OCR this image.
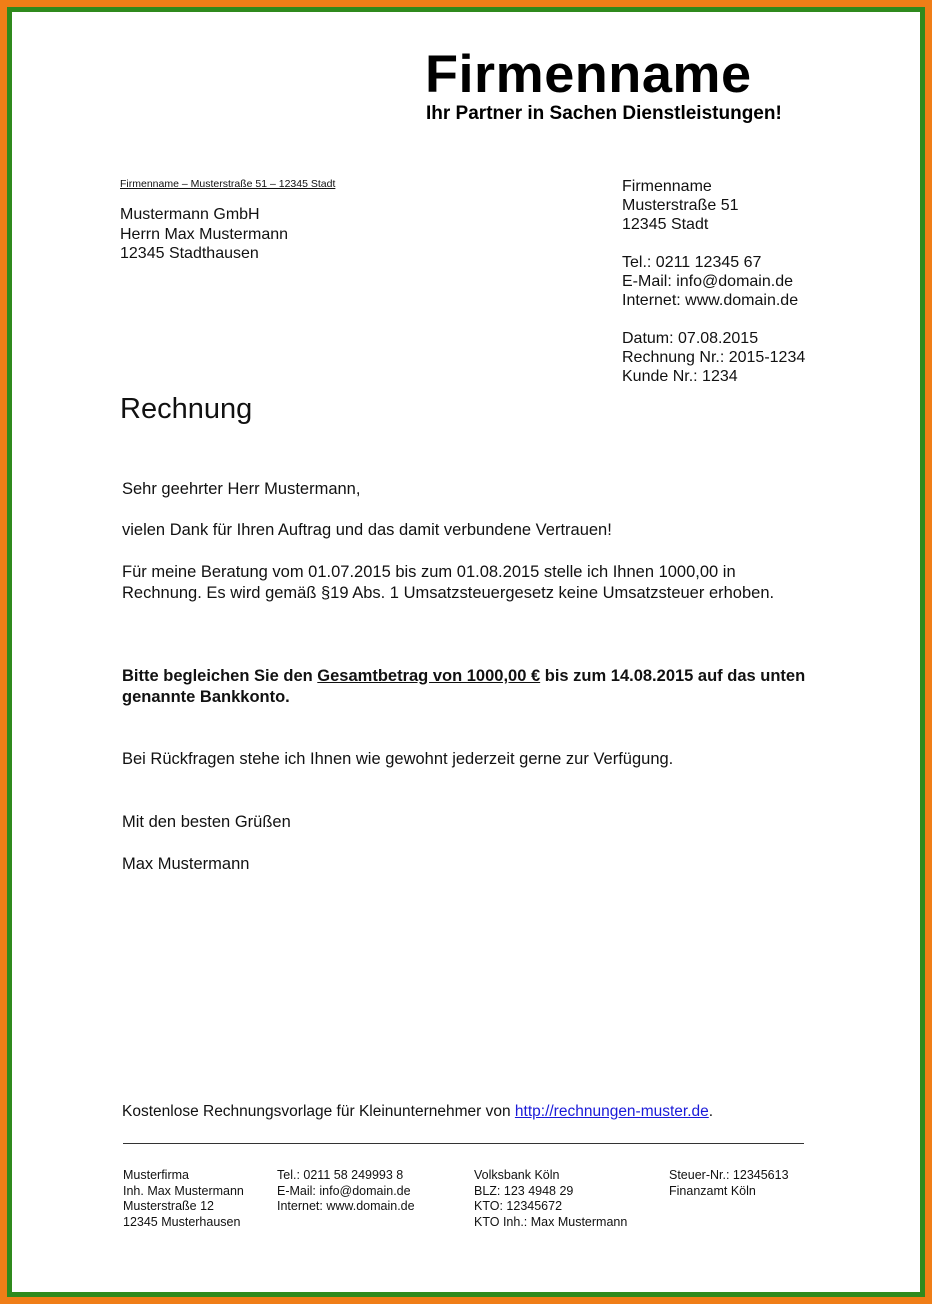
Firmenname
Ihr Partner in Sachen Dienstleistungen!
Firmenname – Musterstraße 51 – 12345 Stadt
Mustermann GmbH
Herrn Max Mustermann
12345 Stadthausen
Firmenname
Musterstraße 51
12345 Stadt
Tel.: 0211 12345 67
E-Mail: info@domain.de
Internet: www.domain.de
Datum: 07.08.2015
Rechnung Nr.: 2015-1234
Kunde Nr.: 1234
Rechnung
Sehr geehrter Herr Mustermann,
vielen Dank für Ihren Auftrag und das damit verbundene Vertrauen!
Für meine Beratung vom 01.07.2015 bis zum 01.08.2015 stelle ich Ihnen 1000,00 in Rechnung. Es wird gemäß §19 Abs. 1 Umsatzsteuergesetz keine Umsatzsteuer erhoben.
Bitte begleichen Sie den Gesamtbetrag von 1000,00 € bis zum 14.08.2015 auf das unten genannte Bankkonto.
Bei Rückfragen stehe ich Ihnen wie gewohnt jederzeit gerne zur Verfügung.
Mit den besten Grüßen
Max Mustermann
Kostenlose Rechnungsvorlage für Kleinunternehmer von http://rechnungen-muster.de.
Musterfirma
Inh. Max Mustermann
Musterstraße 12
12345 Musterhausen
Tel.: 0211 58 249993 8
E-Mail: info@domain.de
Internet: www.domain.de
Volksbank Köln
BLZ: 123 4948 29
KTO: 12345672
KTO Inh.: Max Mustermann
Steuer-Nr.: 12345613
Finanzamt Köln
